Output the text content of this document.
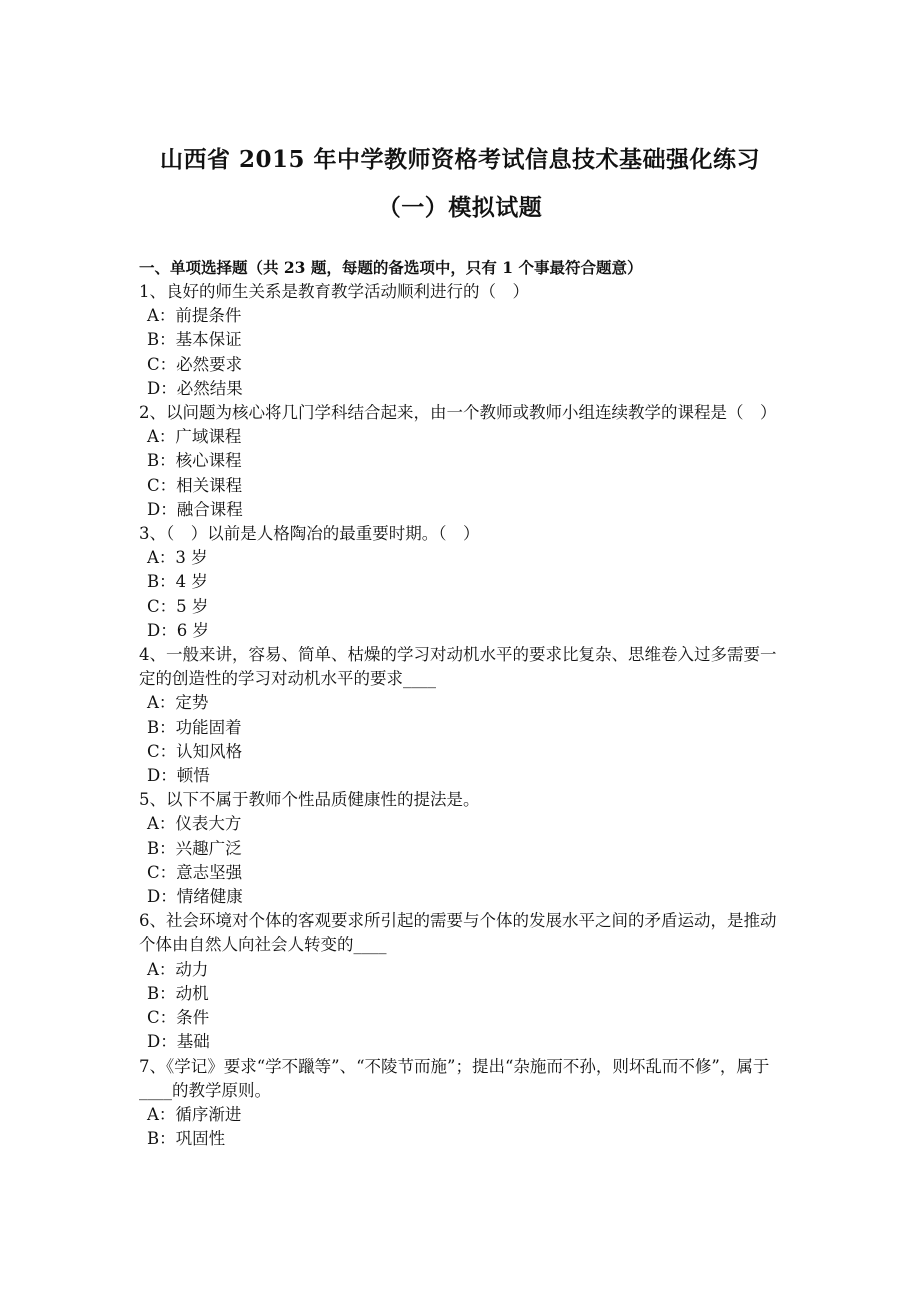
山西省 2015 年中学教师资格考试信息技术基础强化练习
（一）模拟试题
一、单项选择题（共 23 题，每题的备选项中，只有 1 个事最符合题意）
1、良好的师生关系是教育教学活动顺利进行的（　）
A：前提条件
B：基本保证
C：必然要求
D：必然结果
2、以问题为核心将几门学科结合起来，由一个教师或教师小组连续教学的课程是（　）
A：广域课程
B：核心课程
C：相关课程
D：融合课程
3、（　）以前是人格陶冶的最重要时期。（　）
A：3 岁
B：4 岁
C：5 岁
D：6 岁
4、一般来讲，容易、简单、枯燥的学习对动机水平的要求比复杂、思维卷入过多需要一定的创造性的学习对动机水平的要求____
A：定势
B：功能固着
C：认知风格
D：顿悟
5、以下不属于教师个性品质健康性的提法是。
A：仪表大方
B：兴趣广泛
C：意志坚强
D：情绪健康
6、社会环境对个体的客观要求所引起的需要与个体的发展水平之间的矛盾运动，是推动个体由自然人向社会人转变的____
A：动力
B：动机
C：条件
D：基础
7、《学记》要求“学不躐等”、“不陵节而施”；提出“杂施而不孙，则坏乱而不修”，属于____的教学原则。
A：循序渐进
B：巩固性
